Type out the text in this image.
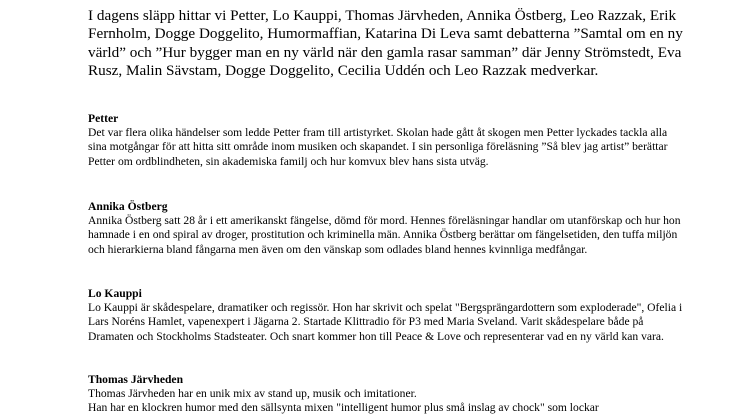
I dagens släpp hittar vi Petter, Lo Kauppi, Thomas Järvheden, Annika Östberg, Leo Razzak, Erik Fernholm, Dogge Doggelito, Humormaffian, Katarina Di Leva samt debatterna ”Samtal om en ny värld” och ”Hur bygger man en ny värld när den gamla rasar samman” där Jenny Strömstedt, Eva Rusz, Malin Sävstam, Dogge Doggelito, Cecilia Uddén och Leo Razzak medverkar.

Petter

Det var flera olika händelser som ledde Petter fram till artistyrket. Skolan hade gått åt skogen men Petter lyckades tackla alla sina motgångar för att hitta sitt område inom musiken och skapandet. I sin personliga föreläsning ”Så blev jag artist” berättar Petter om ordblindheten, sin akademiska familj och hur komvux blev hans sista utväg.

Annika Östberg

Annika Östberg satt 28 år i ett amerikanskt fängelse, dömd för mord. Hennes föreläsningar handlar om utanförskap och hur hon hamnade i en ond spiral av droger, prostitution och kriminella män. Annika Östberg berättar om fängelsetiden, den tuffa miljön och hierarkierna bland fångarna men även om den vänskap som odlades bland hennes kvinnliga medfångar.

Lo Kauppi

Lo Kauppi är skådespelare, dramatiker och regissör. Hon har skrivit och spelat "Bergsprängardottern som exploderade", Ofelia i Lars Noréns Hamlet, vapenexpert i Jägarna 2. Startade Klittradio för P3 med Maria Sveland. Varit skådespelare både på Dramaten och Stockholms Stadsteater. Och snart kommer hon till Peace & Love och representerar vad en ny värld kan vara.

Thomas Järvheden

Thomas Järvheden har en unik mix av stand up, musik och imitationer.

Han har en klockren humor med den sällsynta mixen "intelligent humor plus små inslag av chock" som lockar
